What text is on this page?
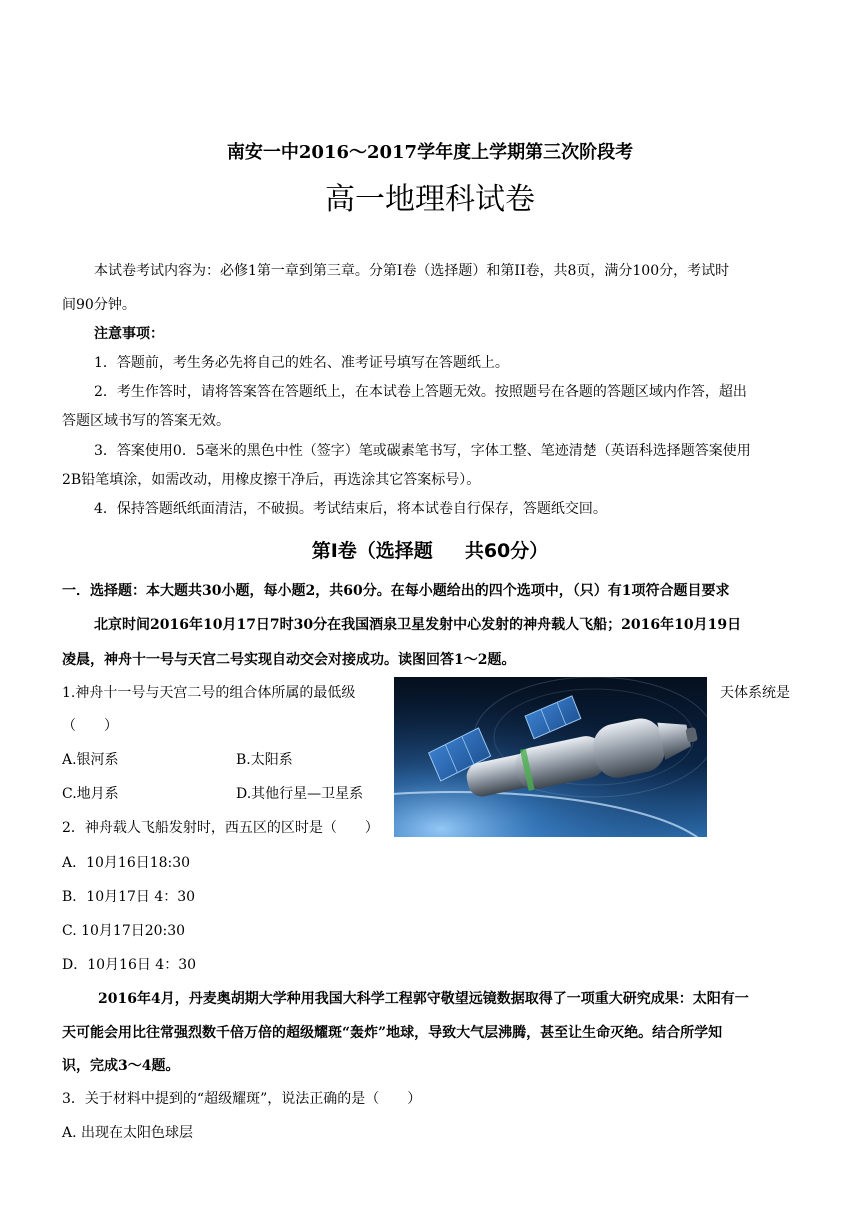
南安一中2016～2017学年度上学期第三次阶段考
高一地理科试卷
本试卷考试内容为：必修1第一章到第三章。分第I卷（选择题）和第II卷，共8页，满分100分，考试时
间90分钟。
注意事项：
1．答题前，考生务必先将自己的姓名、准考证号填写在答题纸上。
2．考生作答时，请将答案答在答题纸上，在本试卷上答题无效。按照题号在各题的答题区域内作答，超出
答题区域书写的答案无效。
3．答案使用0．5毫米的黑色中性（签字）笔或碳素笔书写，字体工整、笔迹清楚（英语科选择题答案使用
2B铅笔填涂，如需改动，用橡皮擦干净后，再选涂其它答案标号）。
4．保持答题纸纸面清洁，不破损。考试结束后，将本试卷自行保存，答题纸交回。
第I卷（选择题 共60分）
一．选择题：本大题共30小题，每小题2，共60分。在每小题给出的四个选项中，（只）有1项符合题目要求
北京时间2016年10月17日7时30分在我国酒泉卫星发射中心发射的神舟载人飞船；2016年10月19日
凌晨，神舟十一号与天宫二号实现自动交会对接成功。读图回答1～2题。
1.神舟十一号与天宫二号的组合体所属的最低级	天体系统是
（　　）
A.银河系	B.太阳系
C.地月系	D.其他行星—卫星系
2．神舟载人飞船发射时，西五区的区时是（　　）
A．10月16日18:30
B．10月17日 4：30
C. 10月17日20:30
D．10月16日 4：30
2016年4月，丹麦奥胡期大学种用我国大科学工程郭守敬望远镜数据取得了一项重大研究成果：太阳有一
天可能会用比往常强烈数千倍万倍的超级耀斑“轰炸”地球，导致大气层沸腾，甚至让生命灭绝。结合所学知
识，完成3～4题。
3．关于材料中提到的“超级耀斑”，说法正确的是（　　）
A. 出现在太阳色球层
